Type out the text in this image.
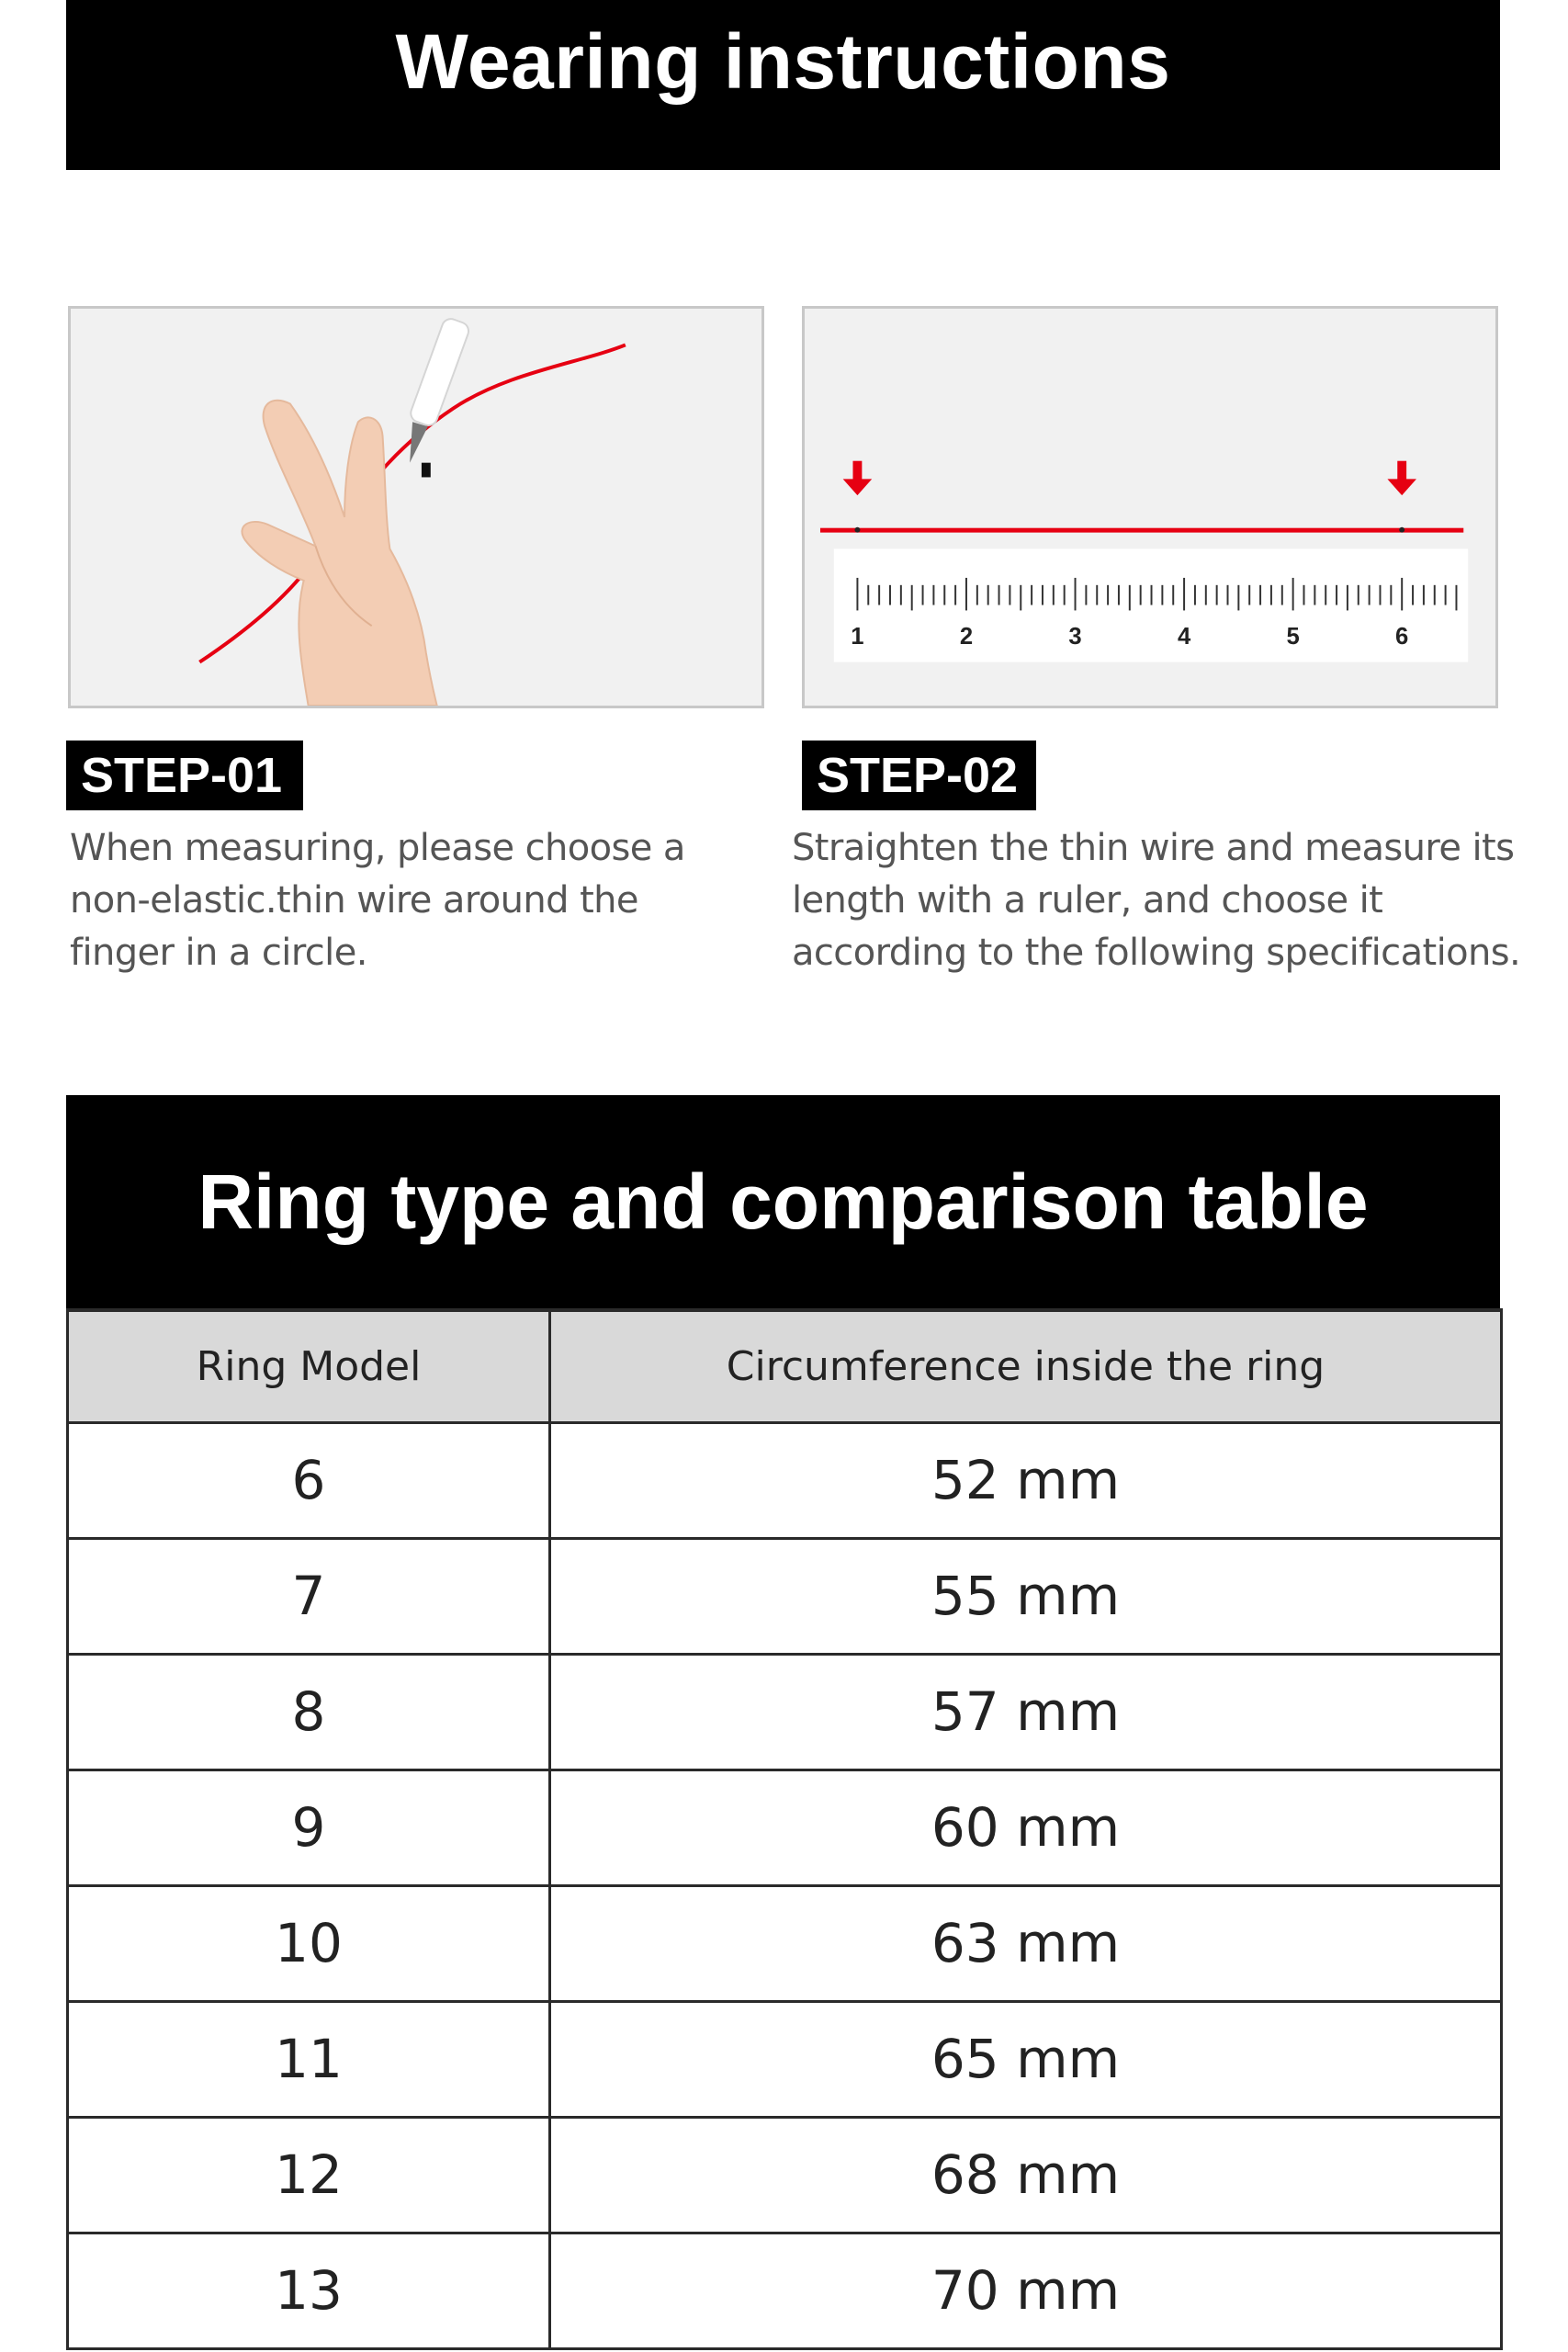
Wearing instructions
1	2	3	4	5	6
STEP-01	STEP-02
When measuring, please choose a non-elastic.thin wire around the finger in a circle.
Straighten the thin wire and measure its length with a ruler, and choose it according to the following specifications.
Ring type and comparison table
Ring Model	Circumference inside the ring
6	52 mm
7	55 mm
8	57 mm
9	60 mm
10	63 mm
11	65 mm
12	68 mm
13	70 mm
